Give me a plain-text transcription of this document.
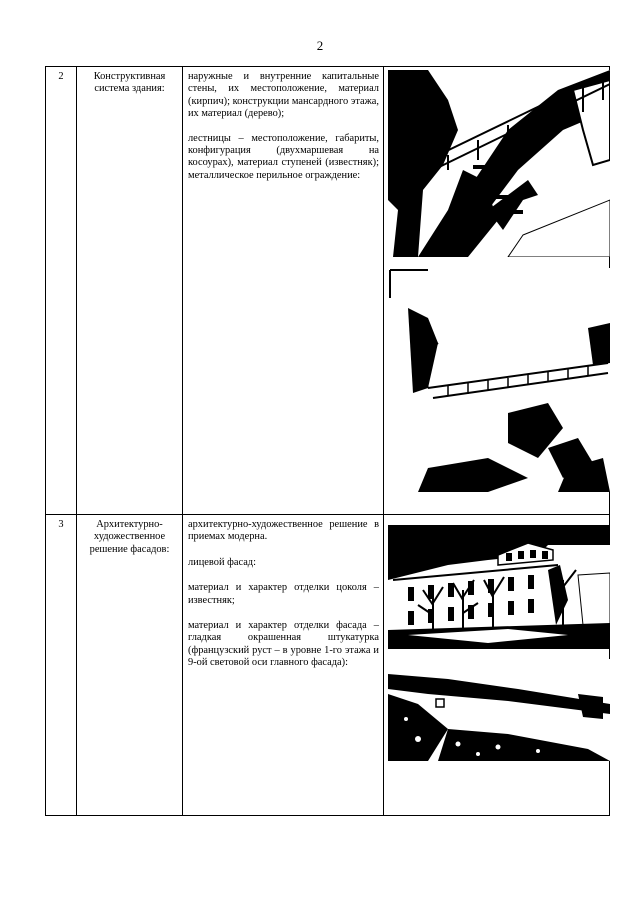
2
2	Конструктивная система здания:	наружные и внутренние капитальные стены, их местоположение, материал (кирпич); конструкции мансардного этажа, их материал (дерево);

лестницы – местоположение, габариты, конфигурация (двухмаршевая на косоурах), материал ступеней (известняк); металлическое перильное ограждение:

3	Архитектурно-художественное решение фасадов:	архитектурно-художественное решение в приемах модерна.

лицевой фасад:

материал и характер отделки цоколя – известняк;

материал и характер отделки фасада – гладкая окрашенная штукатурка (французский руст – в уровне 1-го этажа и 9-ой световой оси главного фасада):
